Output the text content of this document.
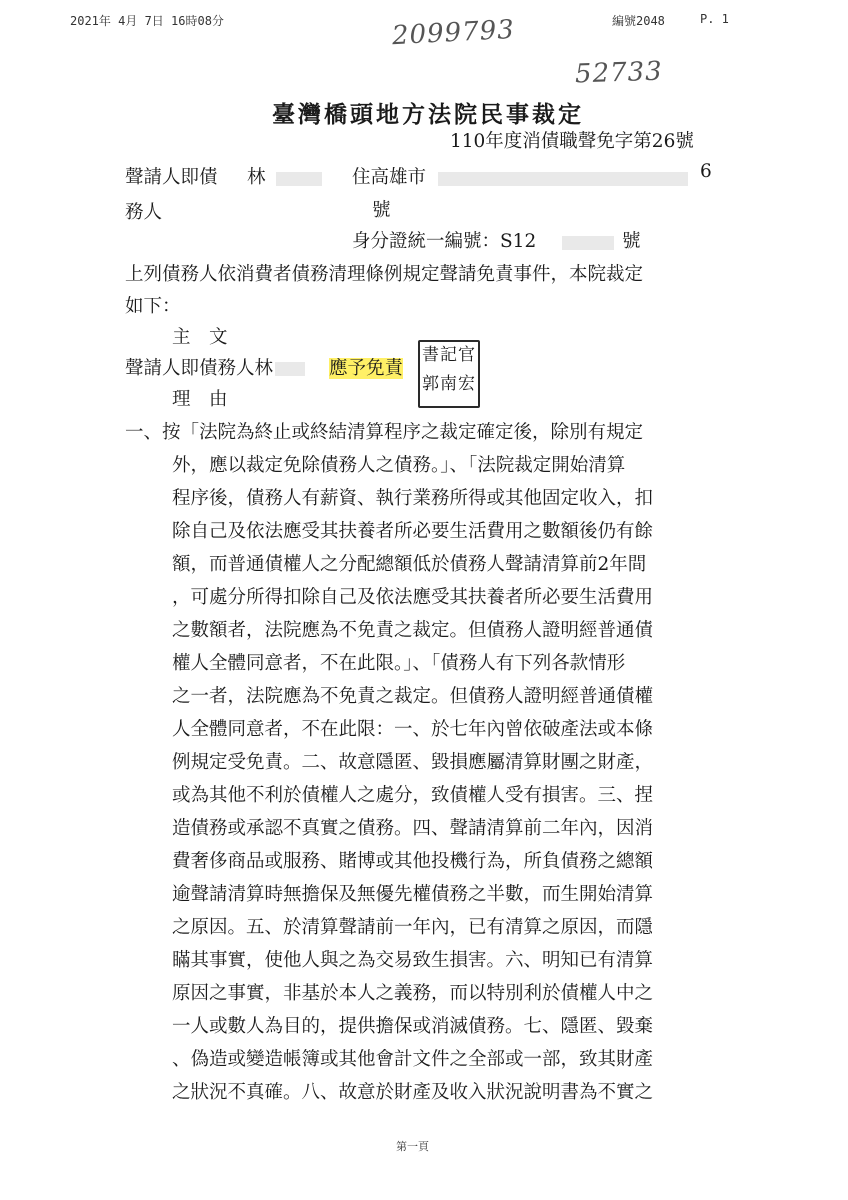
2021年 4月 7日 16時08分	編號2048	P. 1
2099793
52733
臺灣橋頭地方法院民事裁定
110年度消債職聲免字第26號
聲請人即債 林	住高雄市	6
務人	號
身分證統一編號：S12	號
上列債務人依消費者債務清理條例規定聲請免責事件，本院裁定
如下：
主　文
聲請人即債務人林	應予免責
書記官
郭南宏
理　由
一、按「法院為終止或終結清算程序之裁定確定後，除別有規定
外，應以裁定免除債務人之債務。」、「法院裁定開始清算
程序後，債務人有薪資、執行業務所得或其他固定收入，扣
除自己及依法應受其扶養者所必要生活費用之數額後仍有餘
額，而普通債權人之分配總額低於債務人聲請清算前2年間
，可處分所得扣除自己及依法應受其扶養者所必要生活費用
之數額者，法院應為不免責之裁定。但債務人證明經普通債
權人全體同意者，不在此限。」、「債務人有下列各款情形
之一者，法院應為不免責之裁定。但債務人證明經普通債權
人全體同意者，不在此限：一、於七年內曾依破產法或本條
例規定受免責。二、故意隱匿、毀損應屬清算財團之財產，
或為其他不利於債權人之處分，致債權人受有損害。三、捏
造債務或承認不真實之債務。四、聲請清算前二年內，因消
費奢侈商品或服務、賭博或其他投機行為，所負債務之總額
逾聲請清算時無擔保及無優先權債務之半數，而生開始清算
之原因。五、於清算聲請前一年內，已有清算之原因，而隱
瞞其事實，使他人與之為交易致生損害。六、明知已有清算
原因之事實，非基於本人之義務，而以特別利於債權人中之
一人或數人為目的，提供擔保或消滅債務。七、隱匿、毀棄
、偽造或變造帳簿或其他會計文件之全部或一部，致其財產
之狀況不真確。八、故意於財產及收入狀況說明書為不實之
第一頁
